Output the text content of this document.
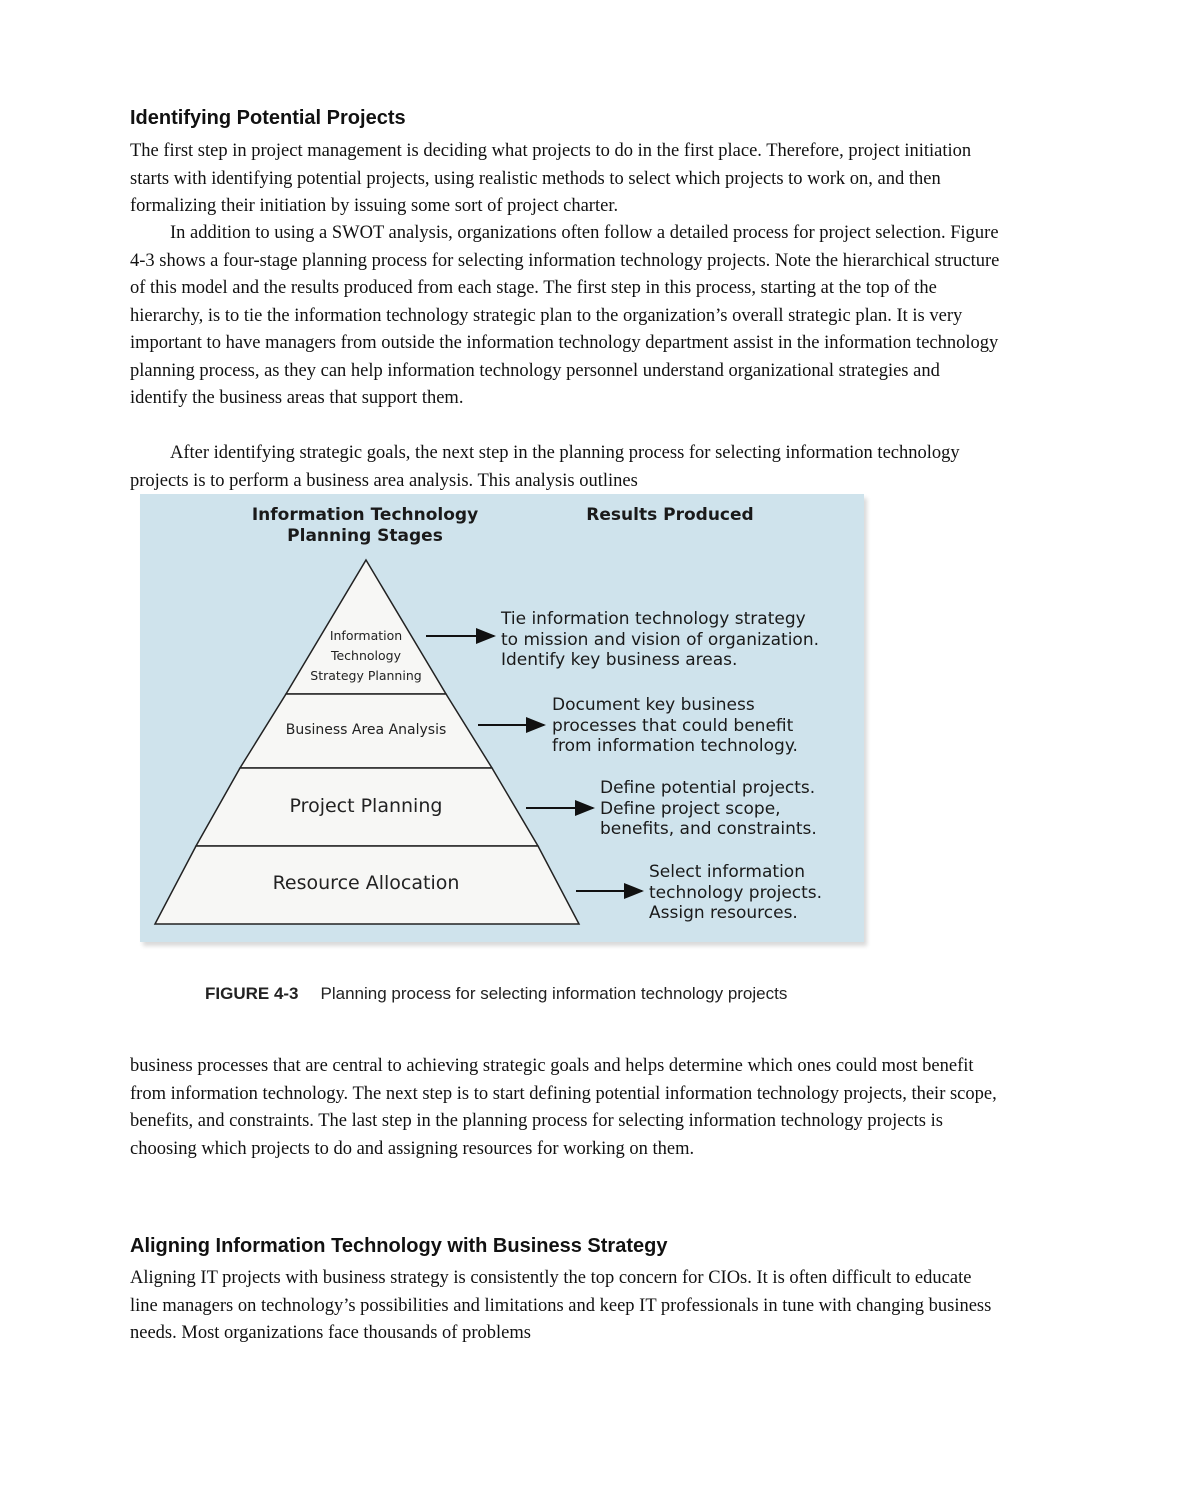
Identifying Potential Projects

The first step in project management is deciding what projects to do in the first place. Therefore, project initiation starts with identifying potential projects, using realistic methods to select which projects to work on, and then formalizing their initiation by issuing some sort of project charter.

In addition to using a SWOT analysis, organizations often follow a detailed process for project selection. Figure 4-3 shows a four-stage planning process for selecting information technology projects. Note the hierarchical structure of this model and the results produced from each stage. The first step in this process, starting at the top of the hierarchy, is to tie the information technology strategic plan to the organization’s overall strategic plan. It is very important to have managers from outside the information technology department assist in the information technology planning process, as they can help information technology personnel understand organizational strategies and identify the business areas that support them.

After identifying strategic goals, the next step in the planning process for selecting information technology projects is to perform a business area analysis. This analysis outlines

Information Technology Planning Stages
Results Produced
Information Technology Strategy Planning
Business Area Analysis
Project Planning
Resource Allocation
Tie information technology strategy
to mission and vision of organization.
Identify key business areas.
Document key business
processes that could benefit
from information technology.
Define potential projects.
Define project scope,
benefits, and constraints.
Select information
technology projects.
Assign resources.
FIGURE 4-3 Planning process for selecting information technology projects

business processes that are central to achieving strategic goals and helps determine which ones could most benefit from information technology. The next step is to start defining potential information technology projects, their scope, benefits, and constraints. The last step in the planning process for selecting information technology projects is choosing which projects to do and assigning resources for working on them.

Aligning Information Technology with Business Strategy

Aligning IT projects with business strategy is consistently the top concern for CIOs. It is often difficult to educate line managers on technology’s possibilities and limitations and keep IT professionals in tune with changing business needs. Most organizations face thousands of problems
